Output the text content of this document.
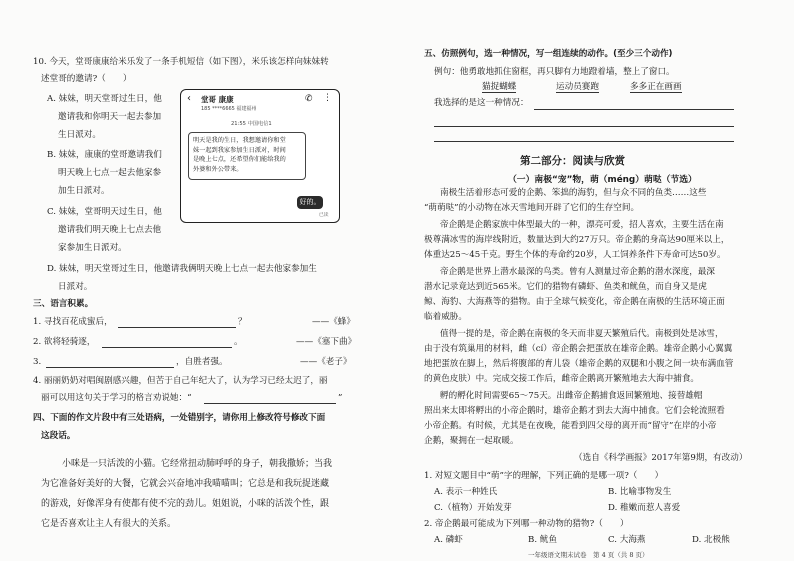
10. 今天，堂哥康康给米乐发了一条手机短信（如下图），米乐该怎样向妹妹转
述堂哥的邀请?（　　）
A. 妹妹，明天堂哥过生日，他
邀请我和你明天一起去参加
生日派对。
B. 妹妹，康康的堂哥邀请我们
明天晚上七点一起去他家参
加生日派对。
C. 妹妹，堂哥明天过生日，他
邀请我们明天晚上七点去他
家参加生日派对。
D. 妹妹，明天堂哥过生日，他邀请我俩明天晚上七点一起去他家参加生
日派对。
‹ 堂哥 康康
185 ****6665 福建福州
✆ ⋮
21:55 中国电信1
明天是我的生日，我想邀请你和堂
妹一起到我家参加生日派对，时间
是晚上七点，还希望你们能给我的
外婆和外公带来。
好的。
已读
三、语言积累。
1. 寻找百花成蜜后，	？	——《蜂》
2. 欲将轻骑逐，	。	——《塞下曲》
3.	，自胜者强。	——《老子》
4. 丽丽奶奶对唱闽剧感兴趣，但苦于自己年纪大了，认为学习已经太迟了，丽
丽可以用这句关于学习的格言劝说她：“	”
四、下面的作文片段中有三处语病，一处错别字，请你用上修改符号修改下面
这段话。
小咪是一只活泼的小猫。它经常扭动肺呼呼的身子，朝我撒娇；当我
为它准备好美好的大餐，它就会兴奋地冲我喵喵叫；它总是和我玩捉迷藏
的游戏，好像浑身有使都有使不完的劲儿。姐姐说，小咪的活泼个性，跟
它是否喜欢让主人有很大的关系。
五、仿照例句，选一种情况，写一组连续的动作。(至少三个动作)
例句：他勇敢地抓住窗框，再只脚有力地蹬着墙，整上了窗口。
猫捉蝴蝶	运动员赛跑	多多正在画画
我选择的是这一种情况：
第二部分：阅读与欣赏
（一）南极“宠”物，萌（méng）萌哒（节选）
南极生活着形态可爱的企鹅、笨拙的海豹，但与众不同的鱼类……这些
“萌萌哒”的小动物在冰天雪地间开辟了它们的生存空间。
帝企鹅是企鹅家族中体型最大的一种，漂亮可爱，招人喜欢，主要生活在南
极尊满冰雪的海岸线附近，数量达到大约27万只。帝企鹅的身高达90厘米以上，
体重达25～45千克。野生个体的寿命约20岁，人工饲养条件下寿命可达50岁。
帝企鹅是世界上潜水最深的鸟类。曾有人测量过帝企鹅的潜水深度，最深
潜水记录竟达到近565米。它们的猎物有磷虾、鱼类和鱿鱼，而自身又是虎
鲸、海豹、大海燕等的猎物。由于全球气候变化，帝企鹅在南极的生活环境正面
临着威胁。
值得一提的是，帝企鹅在南极的冬天而非夏天繁殖后代。南极到处是冰雪，
由于没有筑巢用的材料，雌（cí）帝企鹅会把蛋放在雄帝企鹅。雄帝企鹅小心翼翼
地把蛋放在脚上，然后将腹部的育儿袋（雄帝企鹅的双腿和小腹之间一块布满血管
的黄色皮肤）中。完成交接工作后，雌帝企鹅离开繁殖地去大海中捕食。
孵的孵化时间需要65～75天。出雌帝企鹅捕食返回繁殖地、接替雄帽
照出来太即将孵出的小帝企鹅时，雄帝企鹅才到去大海中捕食。它们会轮流照看
小帝企鹅。有时候，尤其是在夜晚，能看到四父母的离开而“留守”在岸的小帝
企鹅，聚拥在一起取暖。
（选自《科学画报》2017年第9期，有改动）
1. 对短文题目中“萌”字的理解，下列正确的是哪一项?（　　）
A. 表示一种姓氏	B. 比喻事物发生
C.（植物）开始发芽	D. 稚嫩而惹人喜爱
2. 帝企鹅最可能成为下列哪一种动物的猎物?（　　）
A. 磷虾	B. 鱿鱼	C. 大海燕	D. 北极熊
一年级语文期末试卷　第 4 页（共 8 页）
